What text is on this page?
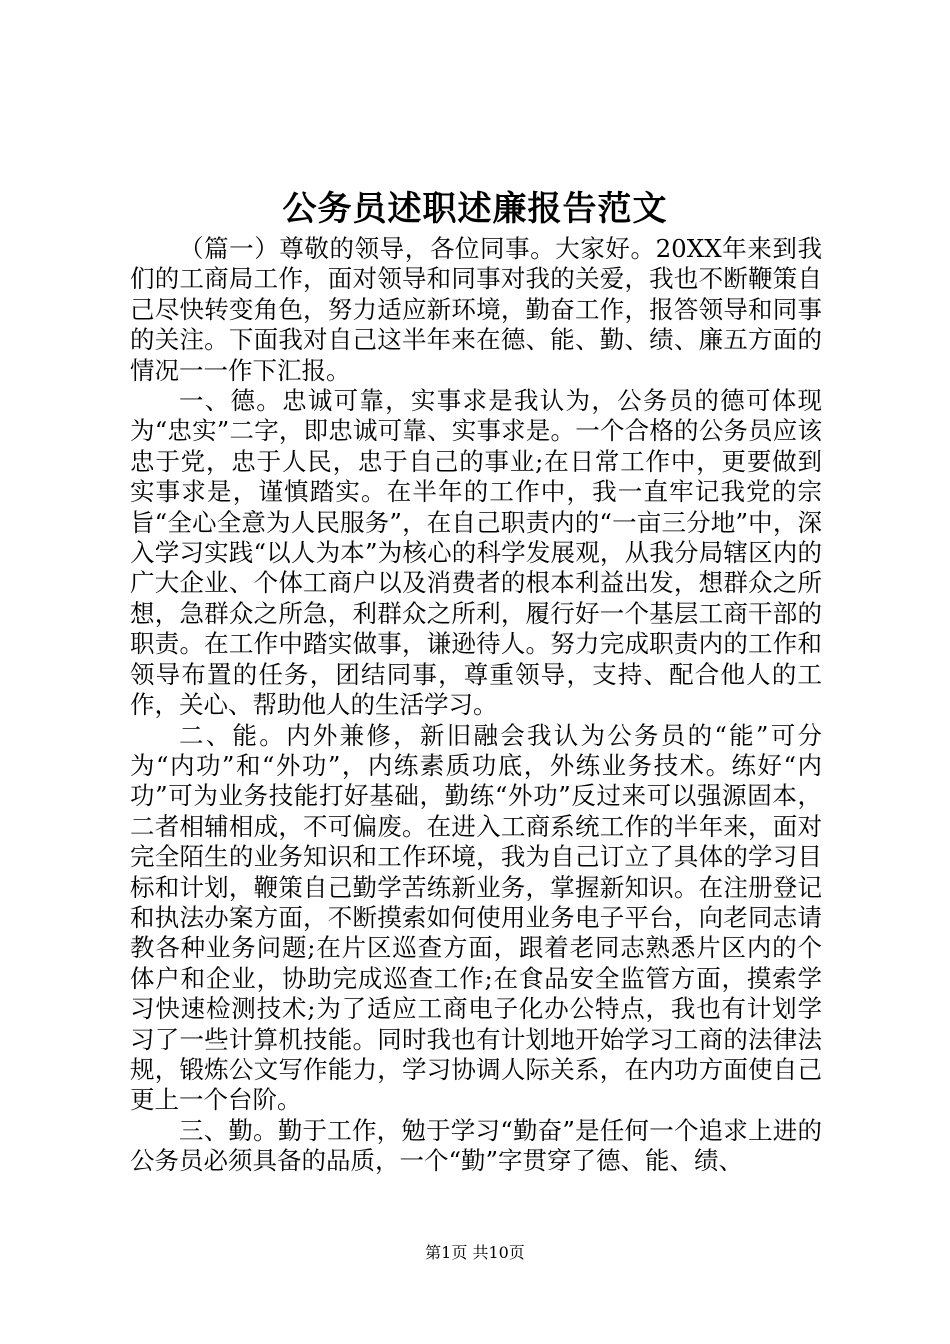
公务员述职述廉报告范文

（篇一）尊敬的领导，各位同事。大家好。20XX年来到我们的工商局工作，面对领导和同事对我的关爱，我也不断鞭策自己尽快转变角色，努力适应新环境，勤奋工作，报答领导和同事的关注。下面我对自己这半年来在德、能、勤、绩、廉五方面的情况一一作下汇报。

一、德。忠诚可靠，实事求是我认为，公务员的德可体现为“忠实”二字，即忠诚可靠、实事求是。一个合格的公务员应该忠于党，忠于人民，忠于自己的事业;在日常工作中，更要做到实事求是，谨慎踏实。在半年的工作中，我一直牢记我党的宗旨“全心全意为人民服务”，在自己职责内的“一亩三分地”中，深入学习实践“以人为本”为核心的科学发展观，从我分局辖区内的广大企业、个体工商户以及消费者的根本利益出发，想群众之所想，急群众之所急，利群众之所利，履行好一个基层工商干部的职责。在工作中踏实做事，谦逊待人。努力完成职责内的工作和领导布置的任务，团结同事，尊重领导，支持、配合他人的工作，关心、帮助他人的生活学习。

二、能。内外兼修，新旧融会我认为公务员的“能”可分为“内功”和“外功”，内练素质功底，外练业务技术。练好“内功”可为业务技能打好基础，勤练“外功”反过来可以强源固本，二者相辅相成，不可偏废。在进入工商系统工作的半年来，面对完全陌生的业务知识和工作环境，我为自己订立了具体的学习目标和计划，鞭策自己勤学苦练新业务，掌握新知识。在注册登记和执法办案方面，不断摸索如何使用业务电子平台，向老同志请教各种业务问题;在片区巡查方面，跟着老同志熟悉片区内的个体户和企业，协助完成巡查工作;在食品安全监管方面，摸索学习快速检测技术;为了适应工商电子化办公特点，我也有计划学习了一些计算机技能。同时我也有计划地开始学习工商的法律法规，锻炼公文写作能力，学习协调人际关系，在内功方面使自己更上一个台阶。

三、勤。勤于工作，勉于学习“勤奋”是任何一个追求上进的公务员必须具备的品质，一个“勤”字贯穿了德、能、绩、

第1页 共10页
